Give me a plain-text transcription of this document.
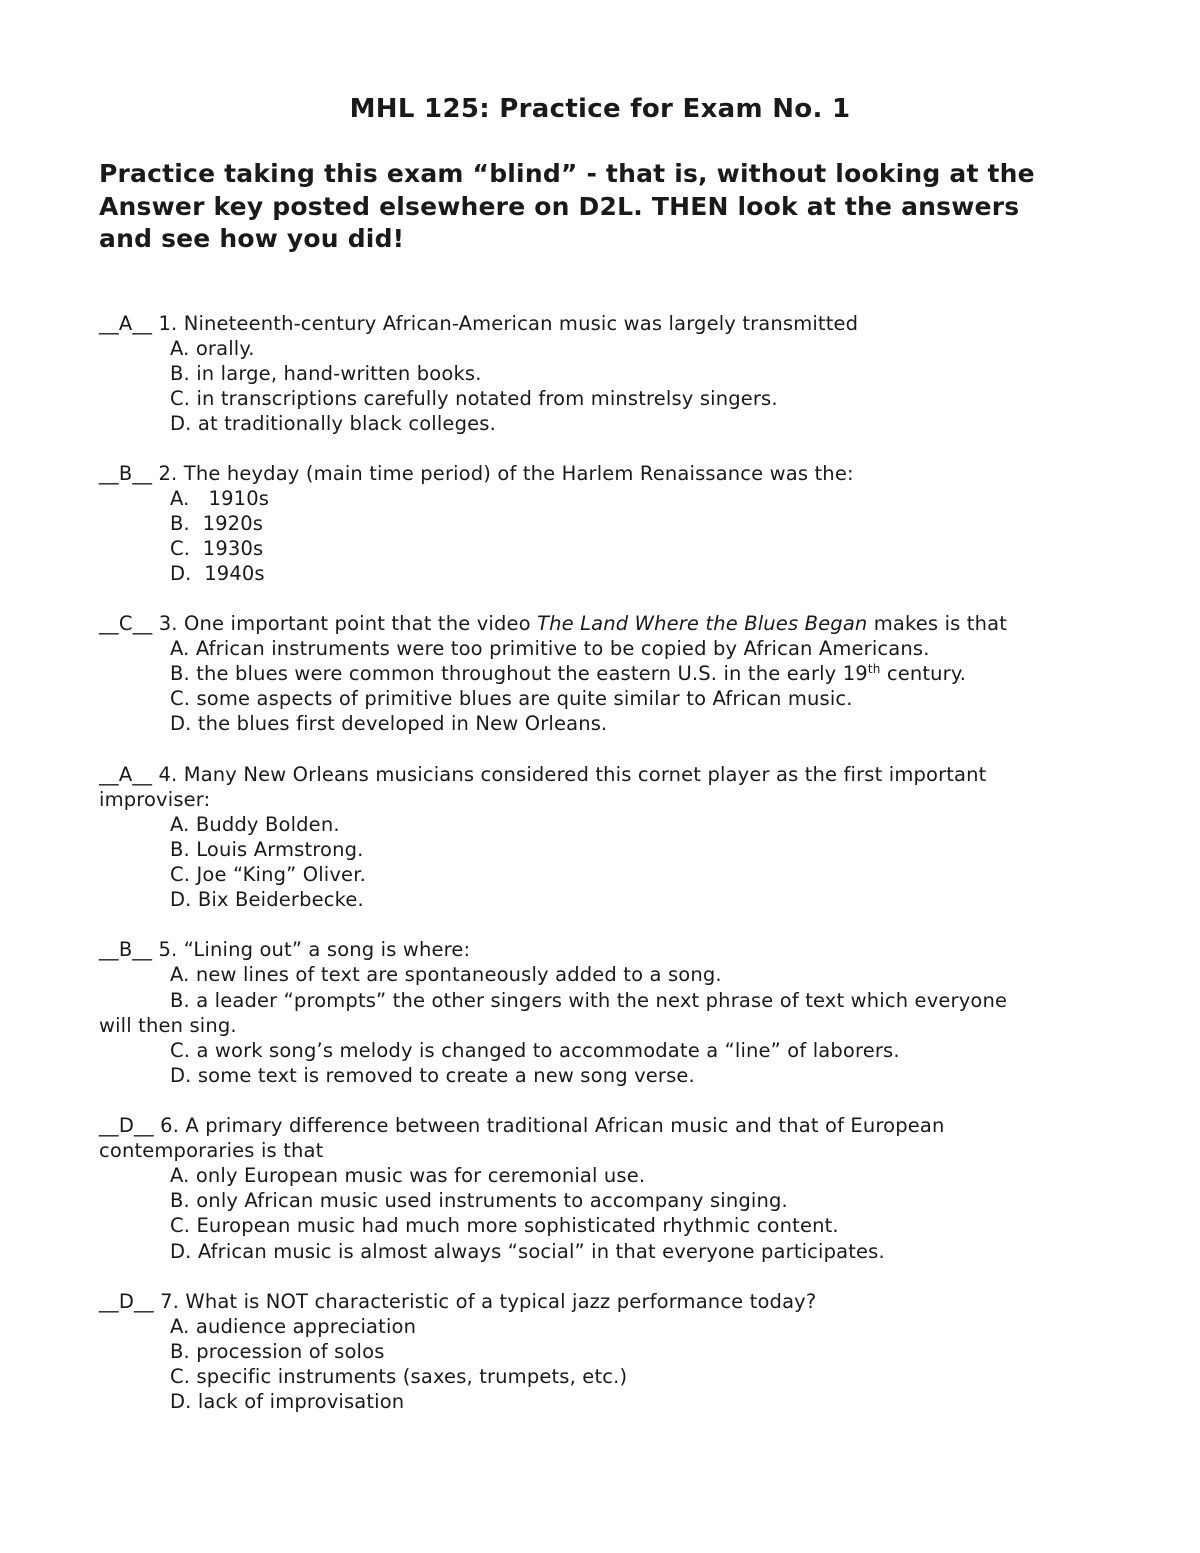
MHL 125: Practice for Exam No. 1
Practice taking this exam “blind” - that is, without looking at the Answer key posted elsewhere on D2L. THEN look at the answers and see how you did!
__ A __ 1. Nineteenth-century African-American music was largely transmitted
A. orally.
B. in large, hand-written books.
C. in transcriptions carefully notated from minstrelsy singers.
D. at traditionally black colleges.
__ B __ 2. The heyday (main time period) of the Harlem Renaissance was the:
A.   1910s
B.  1920s
C.  1930s
D.  1940s
__ C __ 3. One important point that the video The Land Where the Blues Began makes is that
A. African instruments were too primitive to be copied by African Americans.
B. the blues were common throughout the eastern U.S. in the early 19th century.
C. some aspects of primitive blues are quite similar to African music.
D. the blues first developed in New Orleans.
__ A __ 4. Many New Orleans musicians considered this cornet player as the first important
improviser:
A. Buddy Bolden.
B. Louis Armstrong.
C. Joe “King” Oliver.
D. Bix Beiderbecke.
__ B __ 5. “Lining out” a song is where:
A. new lines of text are spontaneously added to a song.
B. a leader “prompts” the other singers with the next phrase of text which everyone
will then sing.
C. a work song’s melody is changed to accommodate a “line” of laborers.
D. some text is removed to create a new song verse.
__ D __ 6. A primary difference between traditional African music and that of European
contemporaries is that
A. only European music was for ceremonial use.
B. only African music used instruments to accompany singing.
C. European music had much more sophisticated rhythmic content.
D. African music is almost always “social” in that everyone participates.
__ D __ 7. What is NOT characteristic of a typical jazz performance today?
A. audience appreciation
B. procession of solos
C. specific instruments (saxes, trumpets, etc.)
D. lack of improvisation
